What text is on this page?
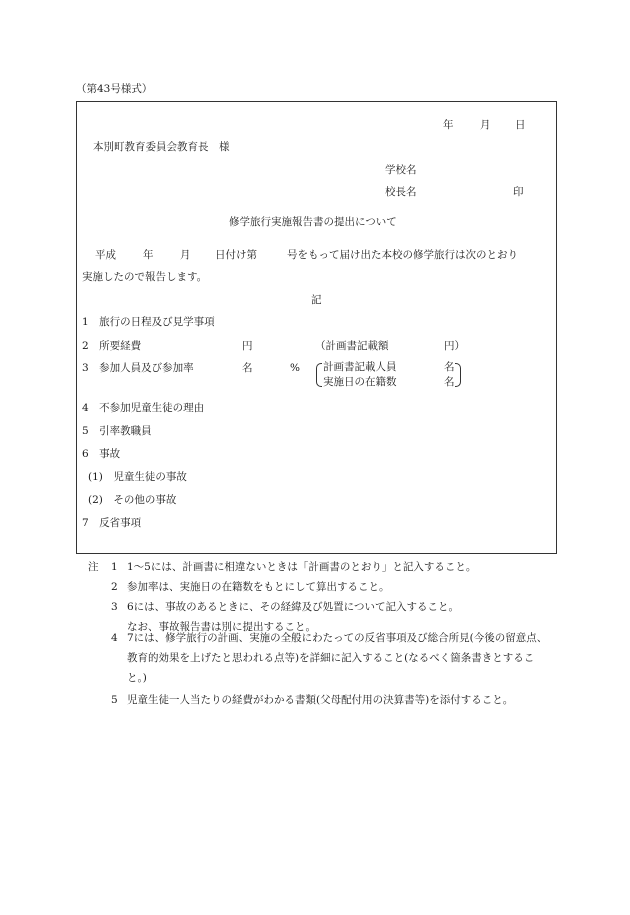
（第43号様式）
年	月 日
本別町教育委員会教育長　様
学校名
校長名	印
修学旅行実施報告書の提出について
平成	年	月 日付け第	号をもって届け出た本校の修学旅行は次のとおり
実施したので報告します。
記
1　旅行の日程及び見学事項
2　所要経費	円	（計画書記載額	円）
3　参加人員及び参加率	名	% 計画書記載人員	名
実施日の在籍数	名
4　不参加児童生徒の理由
5　引率教職員
6　事故
(1)　児童生徒の事故
(2)　その他の事故
7　反省事項
注 1 1～5には、計画書に相違ないときは「計画書のとおり」と記入すること。
2 参加率は、実施日の在籍数をもとにして算出すること。
3 6には、事故のあるときに、その経緯及び処置について記入すること。
なお、事故報告書は別に提出すること。
4 7には、修学旅行の計画、実施の全般にわたっての反省事項及び総合所見(今後の留意点、教育的効果を上げたと思われる点等)を詳細に記入すること(なるべく箇条書きとすること。)
5 児童生徒一人当たりの経費がわかる書類(父母配付用の決算書等)を添付すること。
